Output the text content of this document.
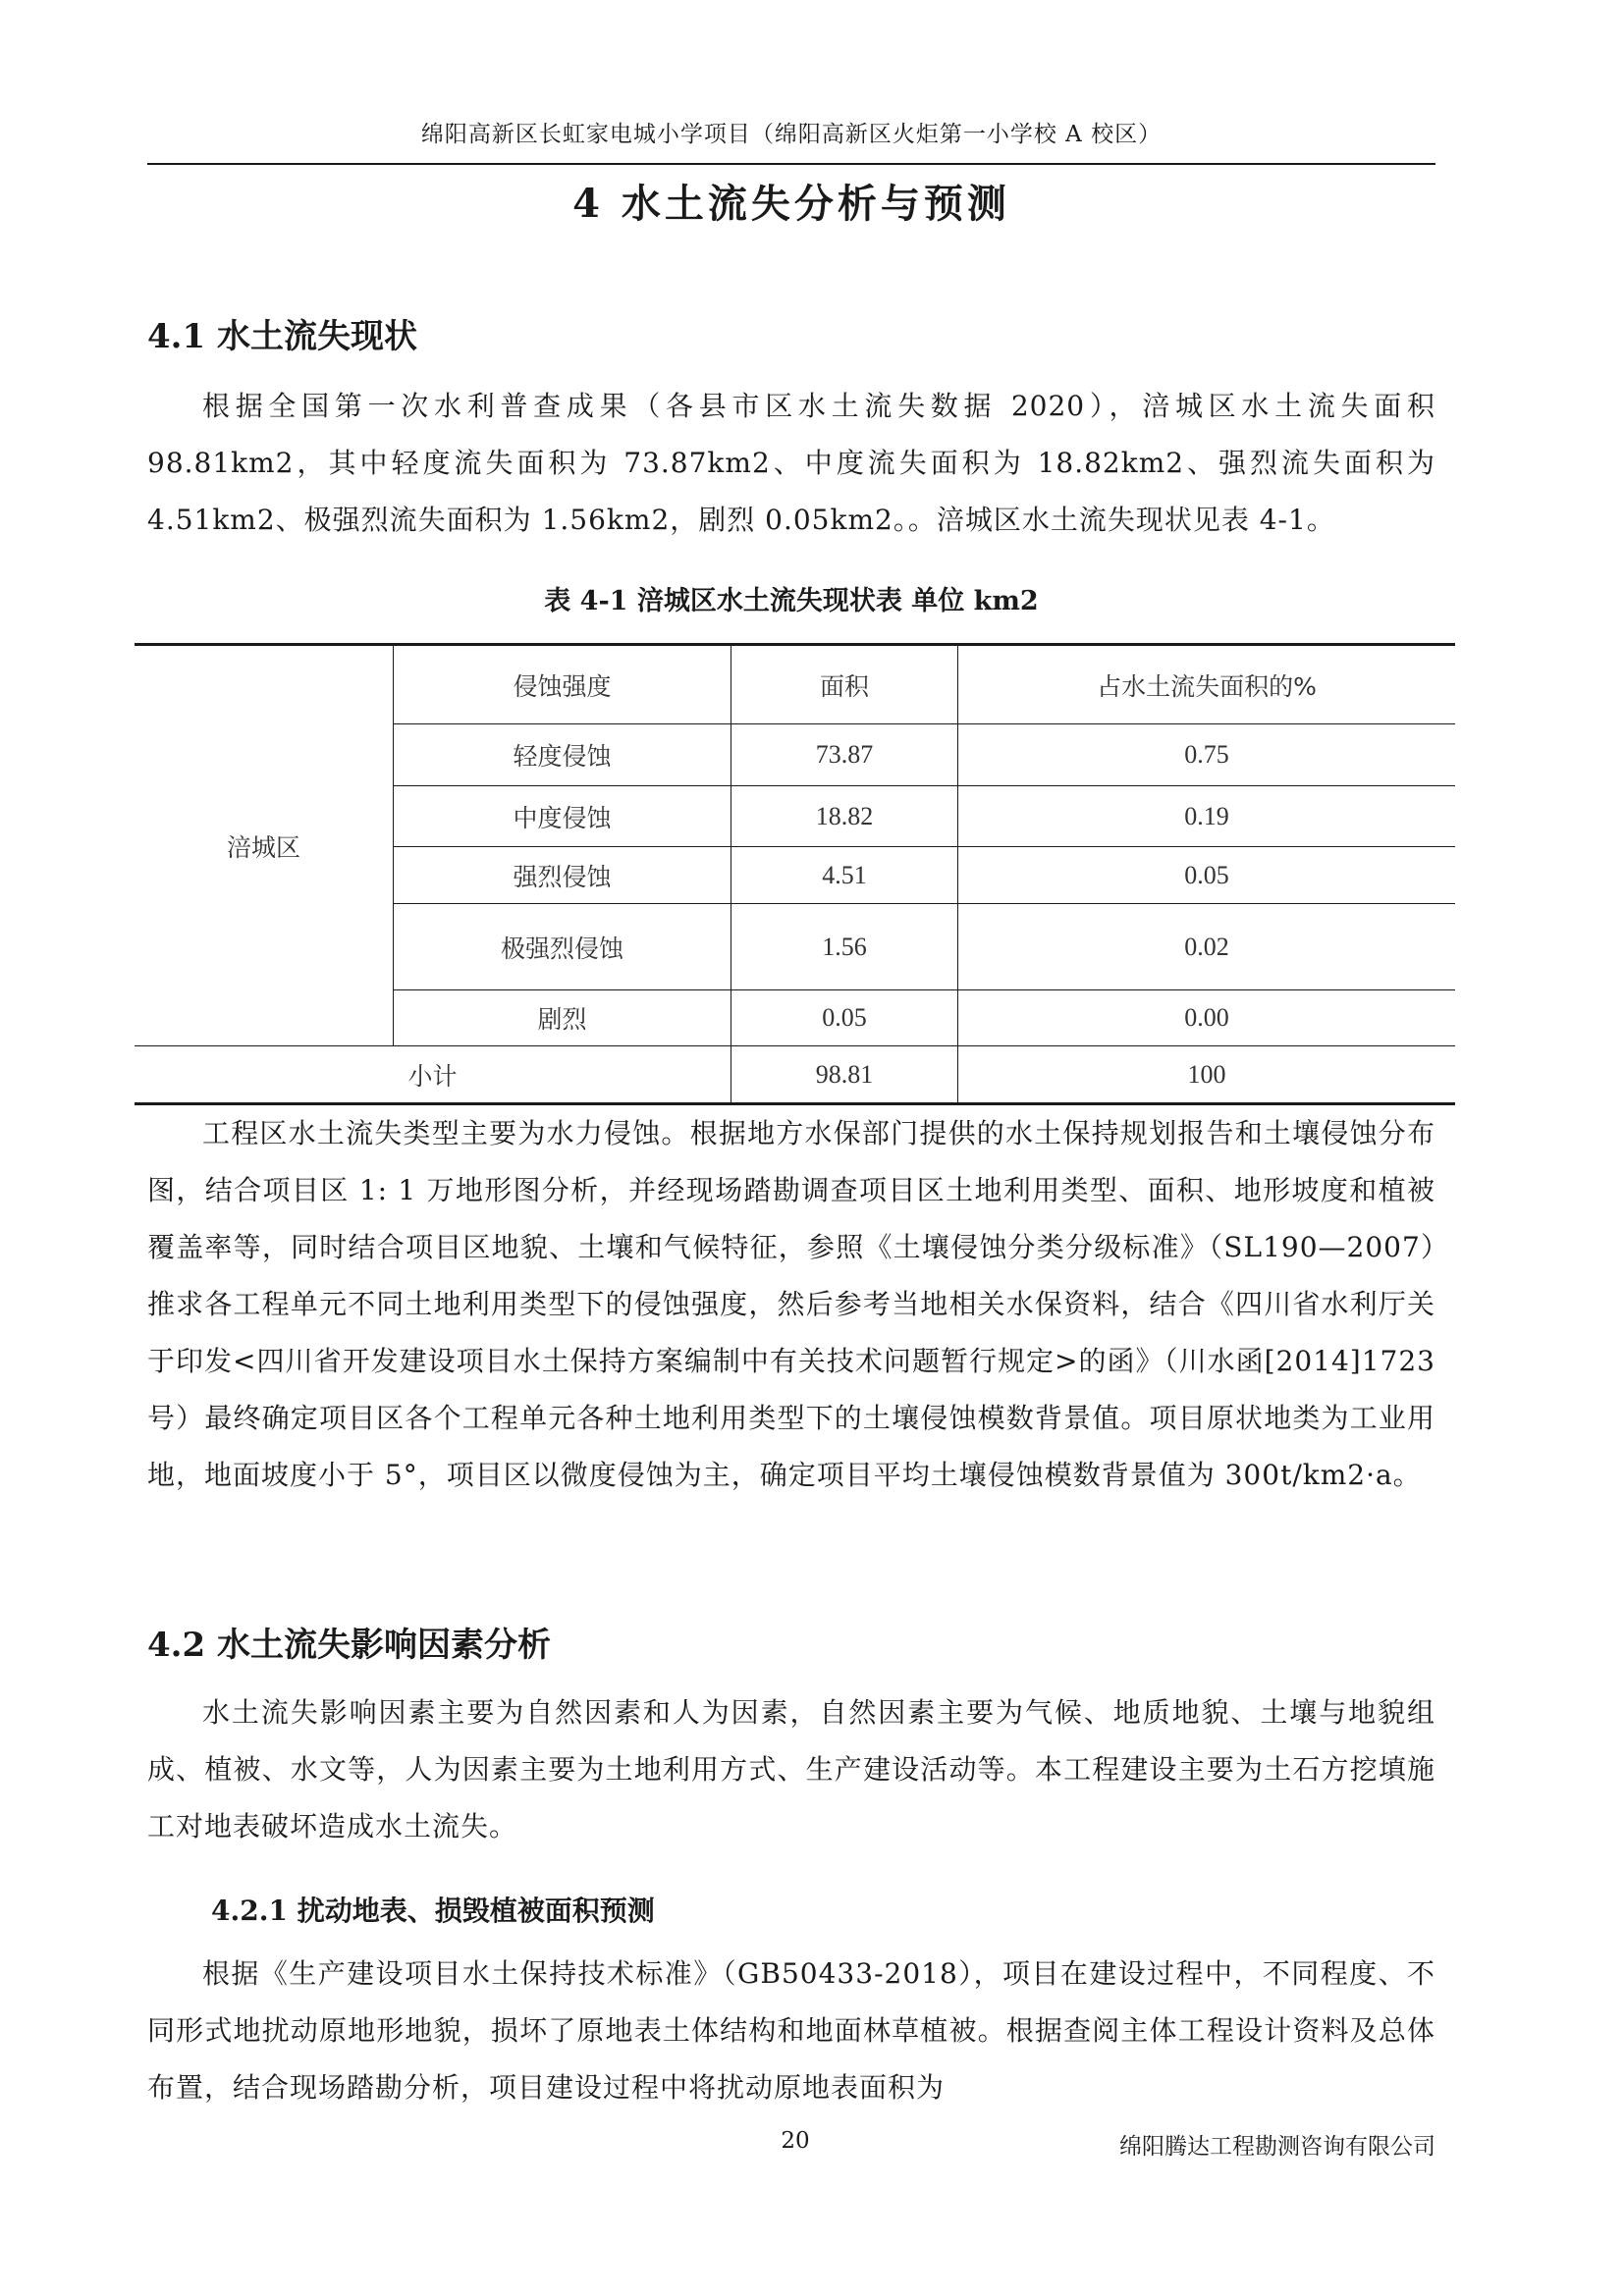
绵阳高新区长虹家电城小学项目（绵阳高新区火炬第一小学校 A 校区）
4 水土流失分析与预测
4.1 水土流失现状
根据全国第一次水利普查成果（各县市区水土流失数据 2020），涪城区水土流失面积 98.81km2，其中轻度流失面积为 73.87km2、中度流失面积为 18.82km2、强烈流失面积为 4.51km2、极强烈流失面积为 1.56km2，剧烈 0.05km2。。涪城区水土流失现状见表 4-1。
表 4-1 涪城区水土流失现状表 单位 km2
涪城区
侵蚀强度	面积	占水土流失面积的%
轻度侵蚀	73.87	0.75
中度侵蚀	18.82	0.19
强烈侵蚀	4.51	0.05
极强烈侵蚀	1.56	0.02
剧烈	0.05	0.00
小计	98.81	100
工程区水土流失类型主要为水力侵蚀。根据地方水保部门提供的水土保持规划报告和土壤侵蚀分布图，结合项目区 1: 1 万地形图分析，并经现场踏勘调查项目区土地利用类型、面积、地形坡度和植被覆盖率等，同时结合项目区地貌、土壤和气候特征，参照《土壤侵蚀分类分级标准》（SL190—2007）推求各工程单元不同土地利用类型下的侵蚀强度，然后参考当地相关水保资料，结合《四川省水利厅关于印发<四川省开发建设项目水土保持方案编制中有关技术问题暂行规定>的函》（川水函[2014]1723 号）最终确定项目区各个工程单元各种土地利用类型下的土壤侵蚀模数背景值。项目原状地类为工业用地，地面坡度小于 5°，项目区以微度侵蚀为主，确定项目平均土壤侵蚀模数背景值为 300t/km2·a。
4.2 水土流失影响因素分析
水土流失影响因素主要为自然因素和人为因素，自然因素主要为气候、地质地貌、土壤与地貌组成、植被、水文等，人为因素主要为土地利用方式、生产建设活动等。本工程建设主要为土石方挖填施工对地表破坏造成水土流失。
4.2.1 扰动地表、损毁植被面积预测
根据《生产建设项目水土保持技术标准》（GB50433-2018），项目在建设过程中，不同程度、不同形式地扰动原地形地貌，损坏了原地表土体结构和地面林草植被。根据查阅主体工程设计资料及总体布置，结合现场踏勘分析，项目建设过程中将扰动原地表面积为
20	绵阳腾达工程勘测咨询有限公司
